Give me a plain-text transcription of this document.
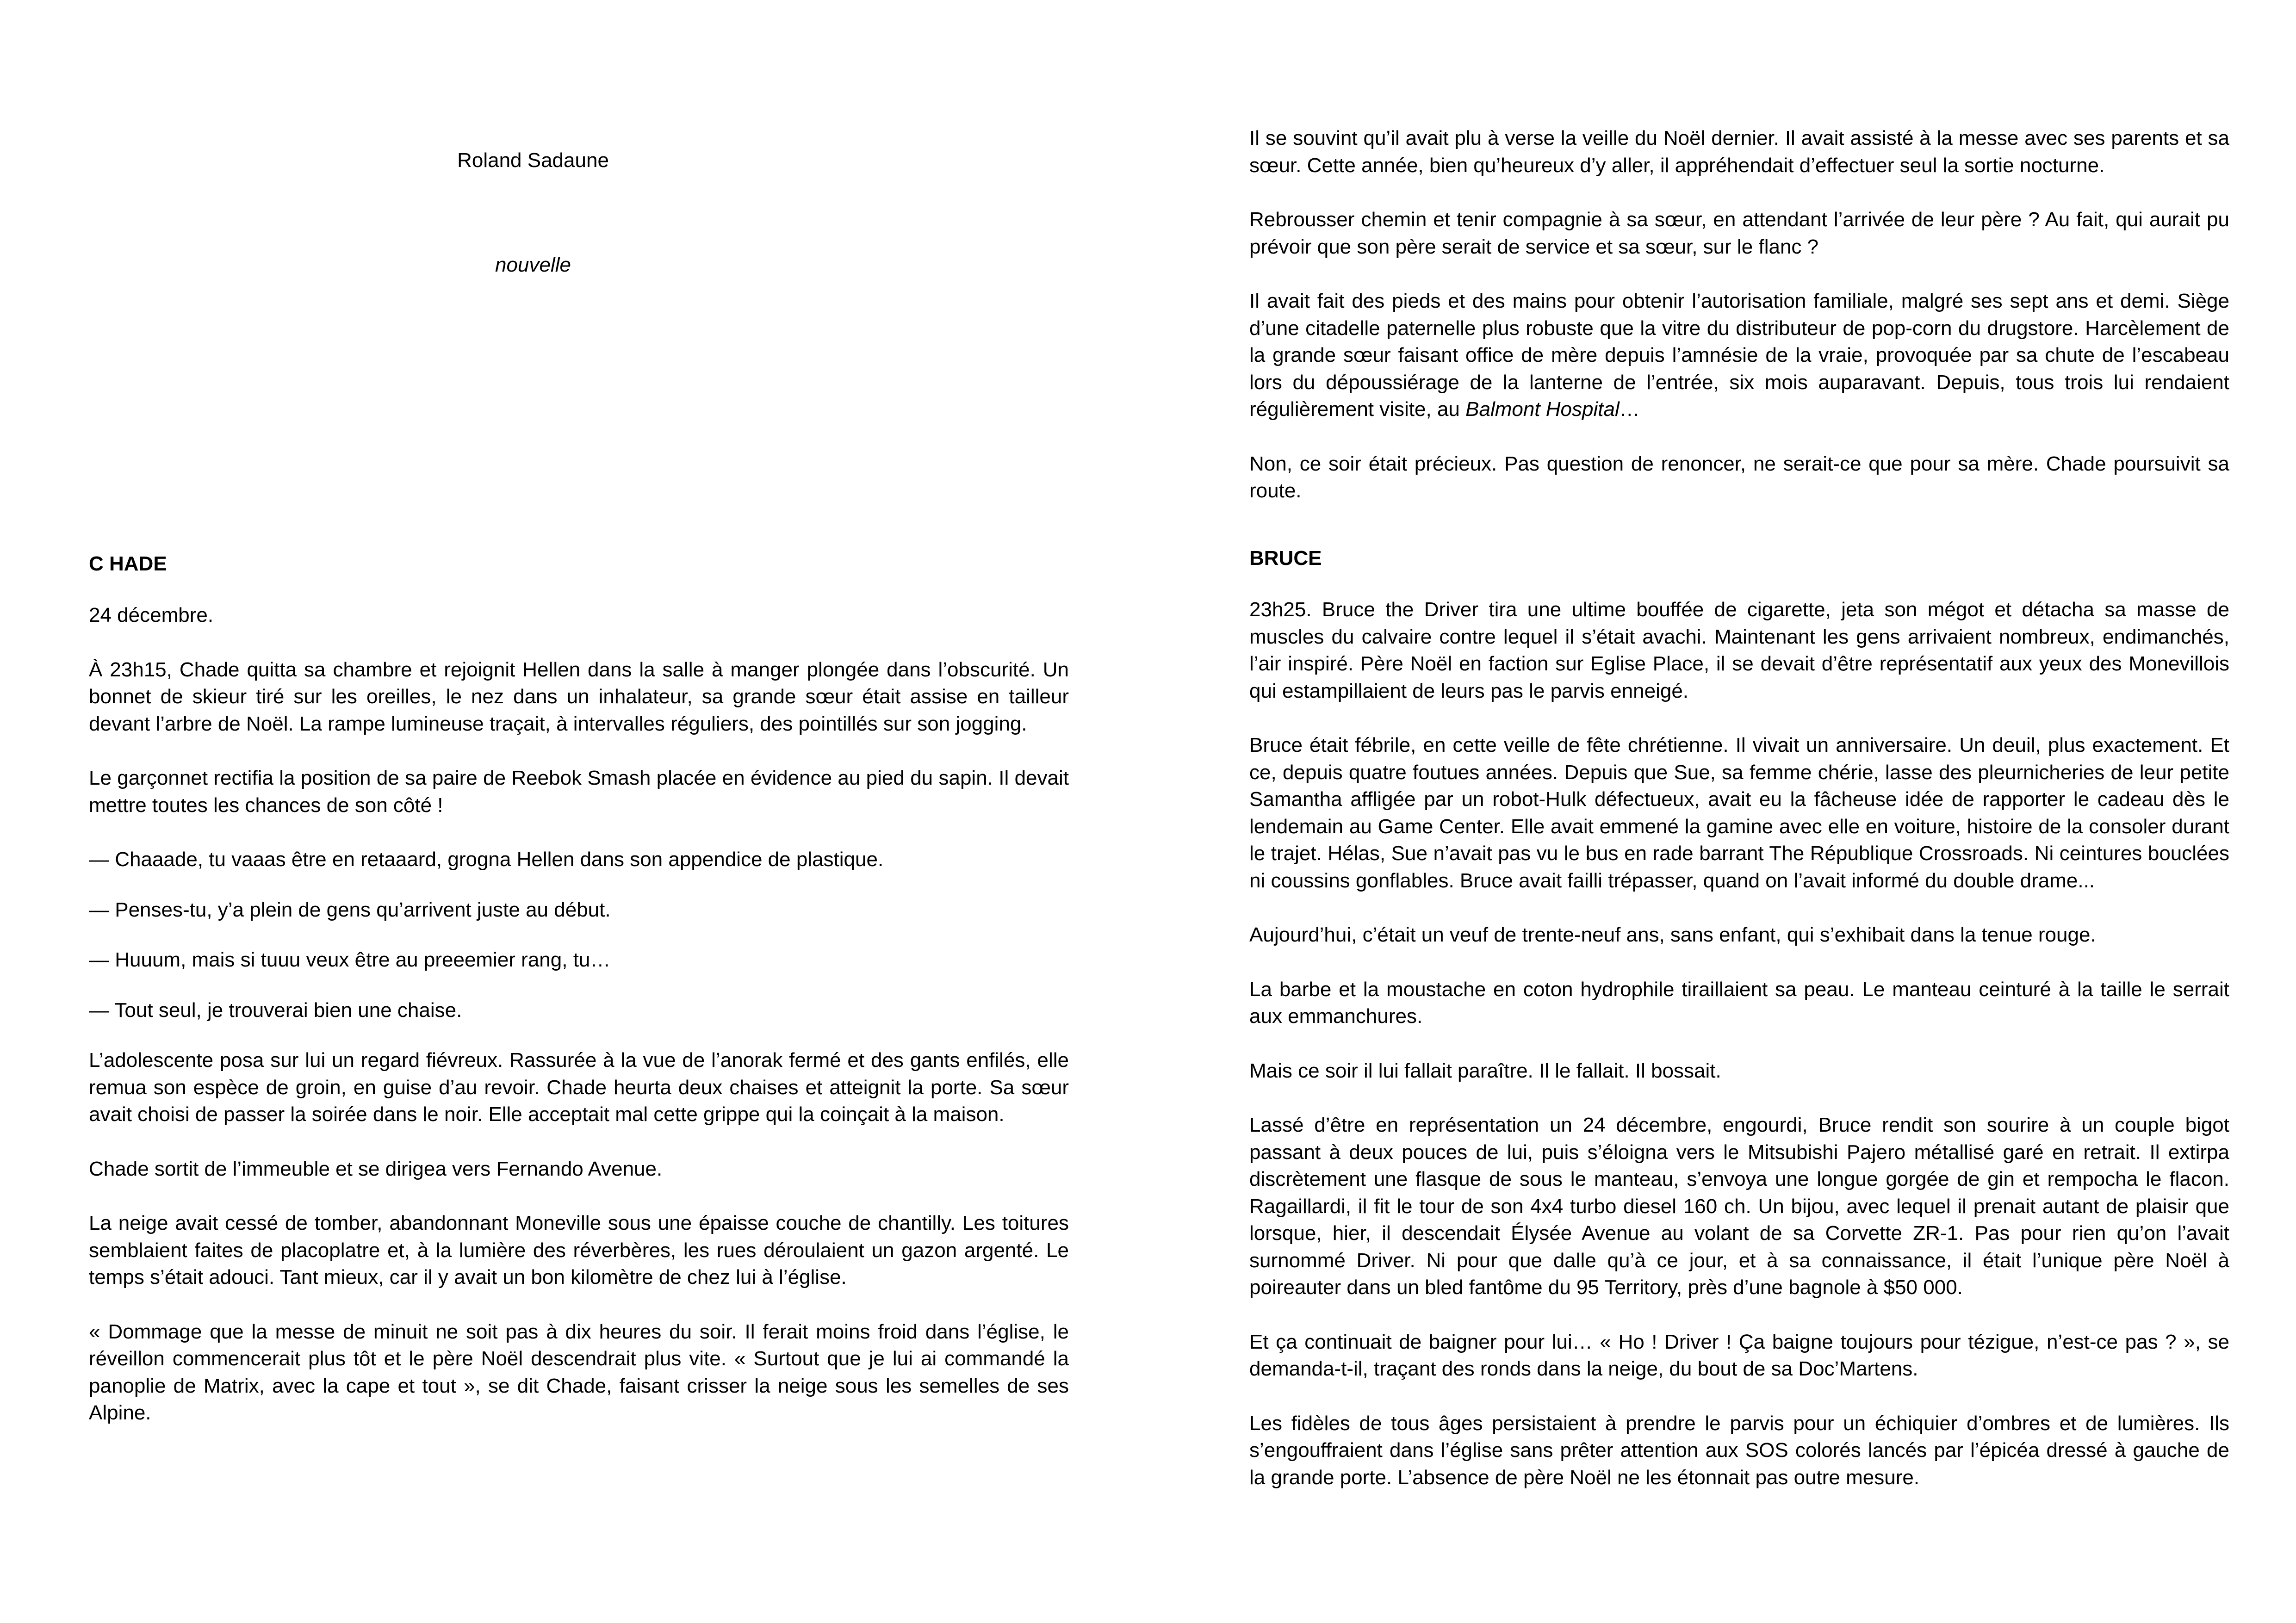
Roland Sadaune
nouvelle
C HADE

24 décembre.

À 23h15, Chade quitta sa chambre et rejoignit Hellen dans la salle à manger plongée dans l’obscurité. Un bonnet de skieur tiré sur les oreilles, le nez dans un inhalateur, sa grande sœur était assise en tailleur devant l’arbre de Noël. La rampe lumineuse traçait, à intervalles réguliers, des pointillés sur son jogging.

Le garçonnet rectifia la position de sa paire de Reebok Smash placée en évidence au pied du sapin. Il devait mettre toutes les chances de son côté !

— Chaaade, tu vaaas être en retaaard, grogna Hellen dans son appendice de plastique.

— Penses-tu, y’a plein de gens qu’arrivent juste au début.

— Huuum, mais si tuuu veux être au preeemier rang, tu…

— Tout seul, je trouverai bien une chaise.

L’adolescente posa sur lui un regard fiévreux. Rassurée à la vue de l’anorak fermé et des gants enfilés, elle remua son espèce de groin, en guise d’au revoir. Chade heurta deux chaises et atteignit la porte. Sa sœur avait choisi de passer la soirée dans le noir. Elle acceptait mal cette grippe qui la coinçait à la maison.

Chade sortit de l’immeuble et se dirigea vers Fernando Avenue.

La neige avait cessé de tomber, abandonnant Moneville sous une épaisse couche de chantilly. Les toitures semblaient faites de placoplatre et, à la lumière des réverbères, les rues déroulaient un gazon argenté. Le temps s’était adouci. Tant mieux, car il y avait un bon kilomètre de chez lui à l’église.

« Dommage que la messe de minuit ne soit pas à dix heures du soir. Il ferait moins froid dans l’église, le réveillon commencerait plus tôt et le père Noël descendrait plus vite. « Surtout que je lui ai commandé la panoplie de Matrix, avec la cape et tout », se dit Chade, faisant crisser la neige sous les semelles de ses Alpine.

Il se souvint qu’il avait plu à verse la veille du Noël dernier. Il avait assisté à la messe avec ses parents et sa sœur. Cette année, bien qu’heureux d’y aller, il appréhendait d’effectuer seul la sortie nocturne.

Rebrousser chemin et tenir compagnie à sa sœur, en attendant l’arrivée de leur père ? Au fait, qui aurait pu prévoir que son père serait de service et sa sœur, sur le flanc ?

Il avait fait des pieds et des mains pour obtenir l’autorisation familiale, malgré ses sept ans et demi. Siège d’une citadelle paternelle plus robuste que la vitre du distributeur de pop-corn du drugstore. Harcèlement de la grande sœur faisant office de mère depuis l’amnésie de la vraie, provoquée par sa chute de l’escabeau lors du dépoussiérage de la lanterne de l’entrée, six mois auparavant. Depuis, tous trois lui rendaient régulièrement visite, au Balmont Hospital…

Non, ce soir était précieux. Pas question de renoncer, ne serait-ce que pour sa mère. Chade poursuivit sa route.

BRUCE

23h25. Bruce the Driver tira une ultime bouffée de cigarette, jeta son mégot et détacha sa masse de muscles du calvaire contre lequel il s’était avachi. Maintenant les gens arrivaient nombreux, endimanchés, l’air inspiré. Père Noël en faction sur Eglise Place, il se devait d’être représentatif aux yeux des Monevillois qui estampillaient de leurs pas le parvis enneigé.

Bruce était fébrile, en cette veille de fête chrétienne. Il vivait un anniversaire. Un deuil, plus exactement. Et ce, depuis quatre foutues années. Depuis que Sue, sa femme chérie, lasse des pleurnicheries de leur petite Samantha affligée par un robot-Hulk défectueux, avait eu la fâcheuse idée de rapporter le cadeau dès le lendemain au Game Center. Elle avait emmené la gamine avec elle en voiture, histoire de la consoler durant le trajet. Hélas, Sue n’avait pas vu le bus en rade barrant The République Crossroads. Ni ceintures bouclées ni coussins gonflables. Bruce avait failli trépasser, quand on l’avait informé du double drame...

Aujourd’hui, c’était un veuf de trente-neuf ans, sans enfant, qui s’exhibait dans la tenue rouge.

La barbe et la moustache en coton hydrophile tiraillaient sa peau. Le manteau ceinturé à la taille le serrait aux emmanchures.

Mais ce soir il lui fallait paraître. Il le fallait. Il bossait.

Lassé d’être en représentation un 24 décembre, engourdi, Bruce rendit son sourire à un couple bigot passant à deux pouces de lui, puis s’éloigna vers le Mitsubishi Pajero métallisé garé en retrait. Il extirpa discrètement une flasque de sous le manteau, s’envoya une longue gorgée de gin et rempocha le flacon. Ragaillardi, il fit le tour de son 4x4 turbo diesel 160 ch. Un bijou, avec lequel il prenait autant de plaisir que lorsque, hier, il descendait Élysée Avenue au volant de sa Corvette ZR-1. Pas pour rien qu’on l’avait surnommé Driver. Ni pour que dalle qu’à ce jour, et à sa connaissance, il était l’unique père Noël à poireauter dans un bled fantôme du 95 Territory, près d’une bagnole à $50 000.

Et ça continuait de baigner pour lui… « Ho ! Driver ! Ça baigne toujours pour tézigue, n’est-ce pas ? », se demanda-t-il, traçant des ronds dans la neige, du bout de sa Doc’Martens.

Les fidèles de tous âges persistaient à prendre le parvis pour un échiquier d’ombres et de lumières. Ils s’engouffraient dans l’église sans prêter attention aux SOS colorés lancés par l’épicéa dressé à gauche de la grande porte. L’absence de père Noël ne les étonnait pas outre mesure.
